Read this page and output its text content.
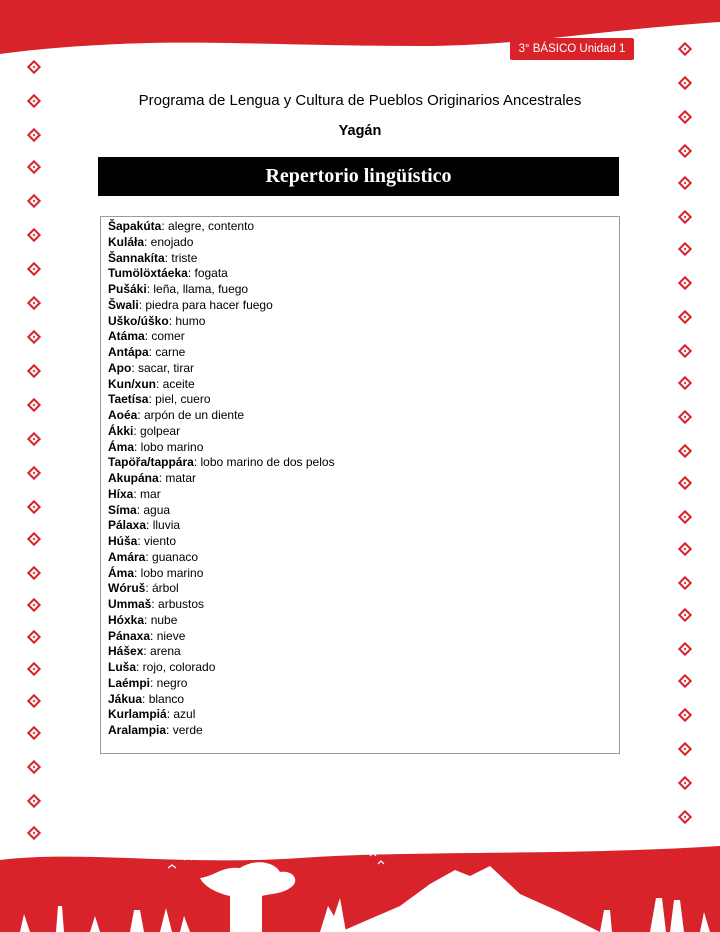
3° BÁSICO Unidad 1
Programa de Lengua y Cultura de Pueblos Originarios Ancestrales
Yagán
Repertorio lingüístico
Šapakúta: alegre, contento
Kuláła: enojado
Šannakíta: triste
Tumölöxtáeka: fogata
Pušáki: leña, llama, fuego
Šwali: piedra para hacer fuego
Uško/úško: humo
Atáma: comer
Antápa: carne
Apo: sacar, tirar
Kun/xun: aceite
Taetísa: piel, cuero
Aoéa: arpón de un diente
Ákki: golpear
Áma: lobo marino
Tapöřa/tappára: lobo marino de dos pelos
Akupána: matar
Híxa: mar
Síma: agua
Pálaxa: lluvia
Húša: viento
Amára: guanaco
Áma: lobo marino
Wóruš: árbol
Ummaš: arbustos
Hóxka: nube
Pánaxa: nieve
Hášex: arena
Luša: rojo, colorado
Laémpi: negro
Jákua: blanco
Kurlampiá: azul
Aralampia: verde
